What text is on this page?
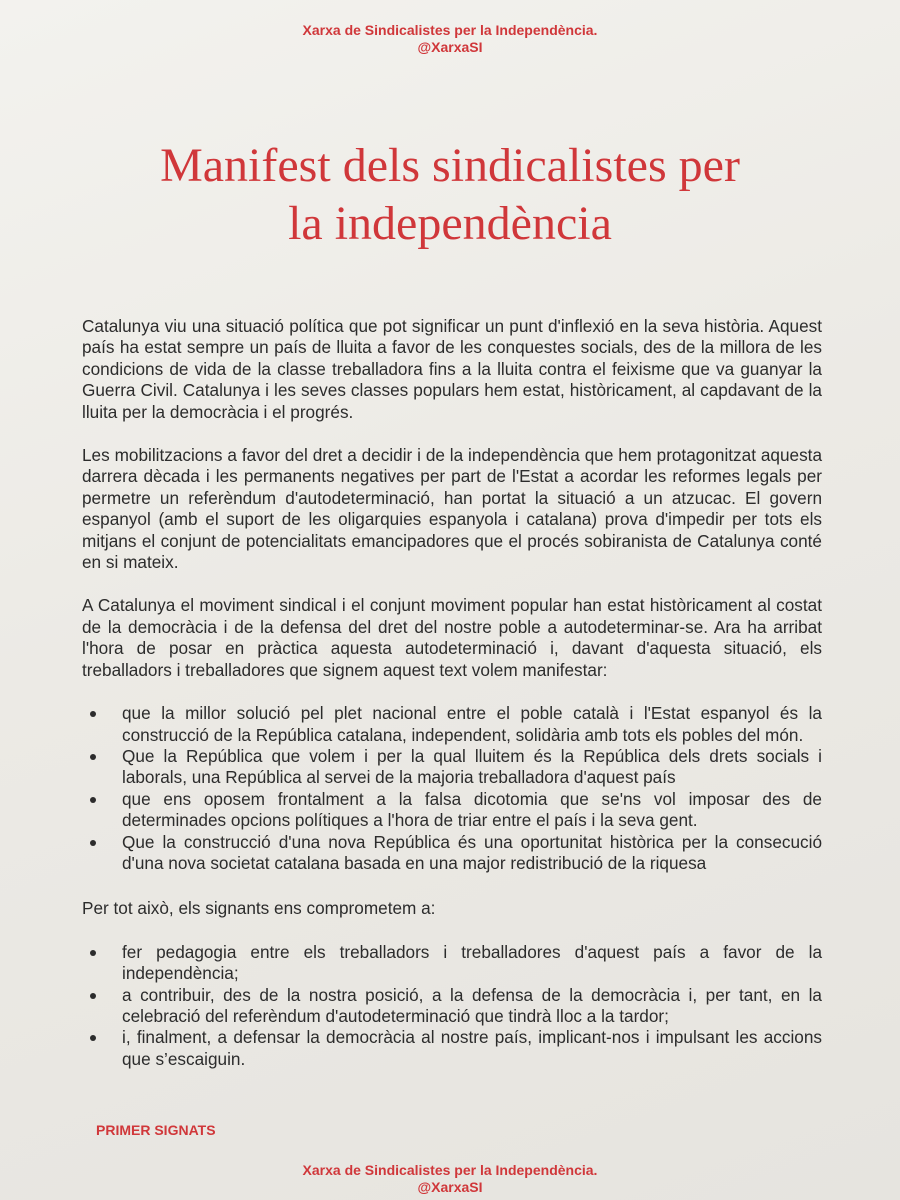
Xarxa de Sindicalistes per la Independència.
@XarxaSI
Manifest dels sindicalistes per
la independència

Catalunya viu una situació política que pot significar un punt d'inflexió en la seva història. Aquest país ha estat sempre un país de lluita a favor de les conquestes socials, des de la millora de les condicions de vida de la classe treballadora fins a la lluita contra el feixisme que va guanyar la Guerra Civil. Catalunya i les seves classes populars hem estat, històricament, al capdavant de la lluita per la democràcia i el progrés.

Les mobilitzacions a favor del dret a decidir i de la independència que hem protagonitzat aquesta darrera dècada i les permanents negatives per part de l'Estat a acordar les reformes legals per permetre un referèndum d'autodeterminació, han portat la situació a un atzucac. El govern espanyol (amb el suport de les oligarquies espanyola i catalana) prova d'impedir per tots els mitjans el conjunt de potencialitats emancipadores que el procés sobiranista de Catalunya conté en si mateix.

A Catalunya el moviment sindical i el conjunt moviment popular han estat històricament al costat de la democràcia i de la defensa del dret del nostre poble a autodeterminar-se. Ara ha arribat l'hora de posar en pràctica aquesta autodeterminació i, davant d'aquesta situació, els treballadors i treballadores que signem aquest text volem manifestar:

que la millor solució pel plet nacional entre el poble català i l'Estat espanyol és la construcció de la República catalana, independent, solidària amb tots els pobles del món.
Que la República que volem i per la qual lluitem és la República dels drets socials i laborals, una República al servei de la majoria treballadora d'aquest país
que ens oposem frontalment a la falsa dicotomia que se'ns vol imposar des de determinades opcions polítiques a l'hora de triar entre el país i la seva gent.
Que la construcció d'una nova República és una oportunitat històrica per la consecució d'una nova societat catalana basada en una major redistribució de la riquesa

Per tot això, els signants ens comprometem a:

fer pedagogia entre els treballadors i treballadores d'aquest país a favor de la independència;
a contribuir, des de la nostra posició, a la defensa de la democràcia i, per tant, en la celebració del referèndum d'autodeterminació que tindrà lloc a la tardor;
i, finalment, a defensar la democràcia al nostre país, implicant-nos i impulsant les accions que s’escaiguin.
PRIMER SIGNATS
Xarxa de Sindicalistes per la Independència.
@XarxaSI
